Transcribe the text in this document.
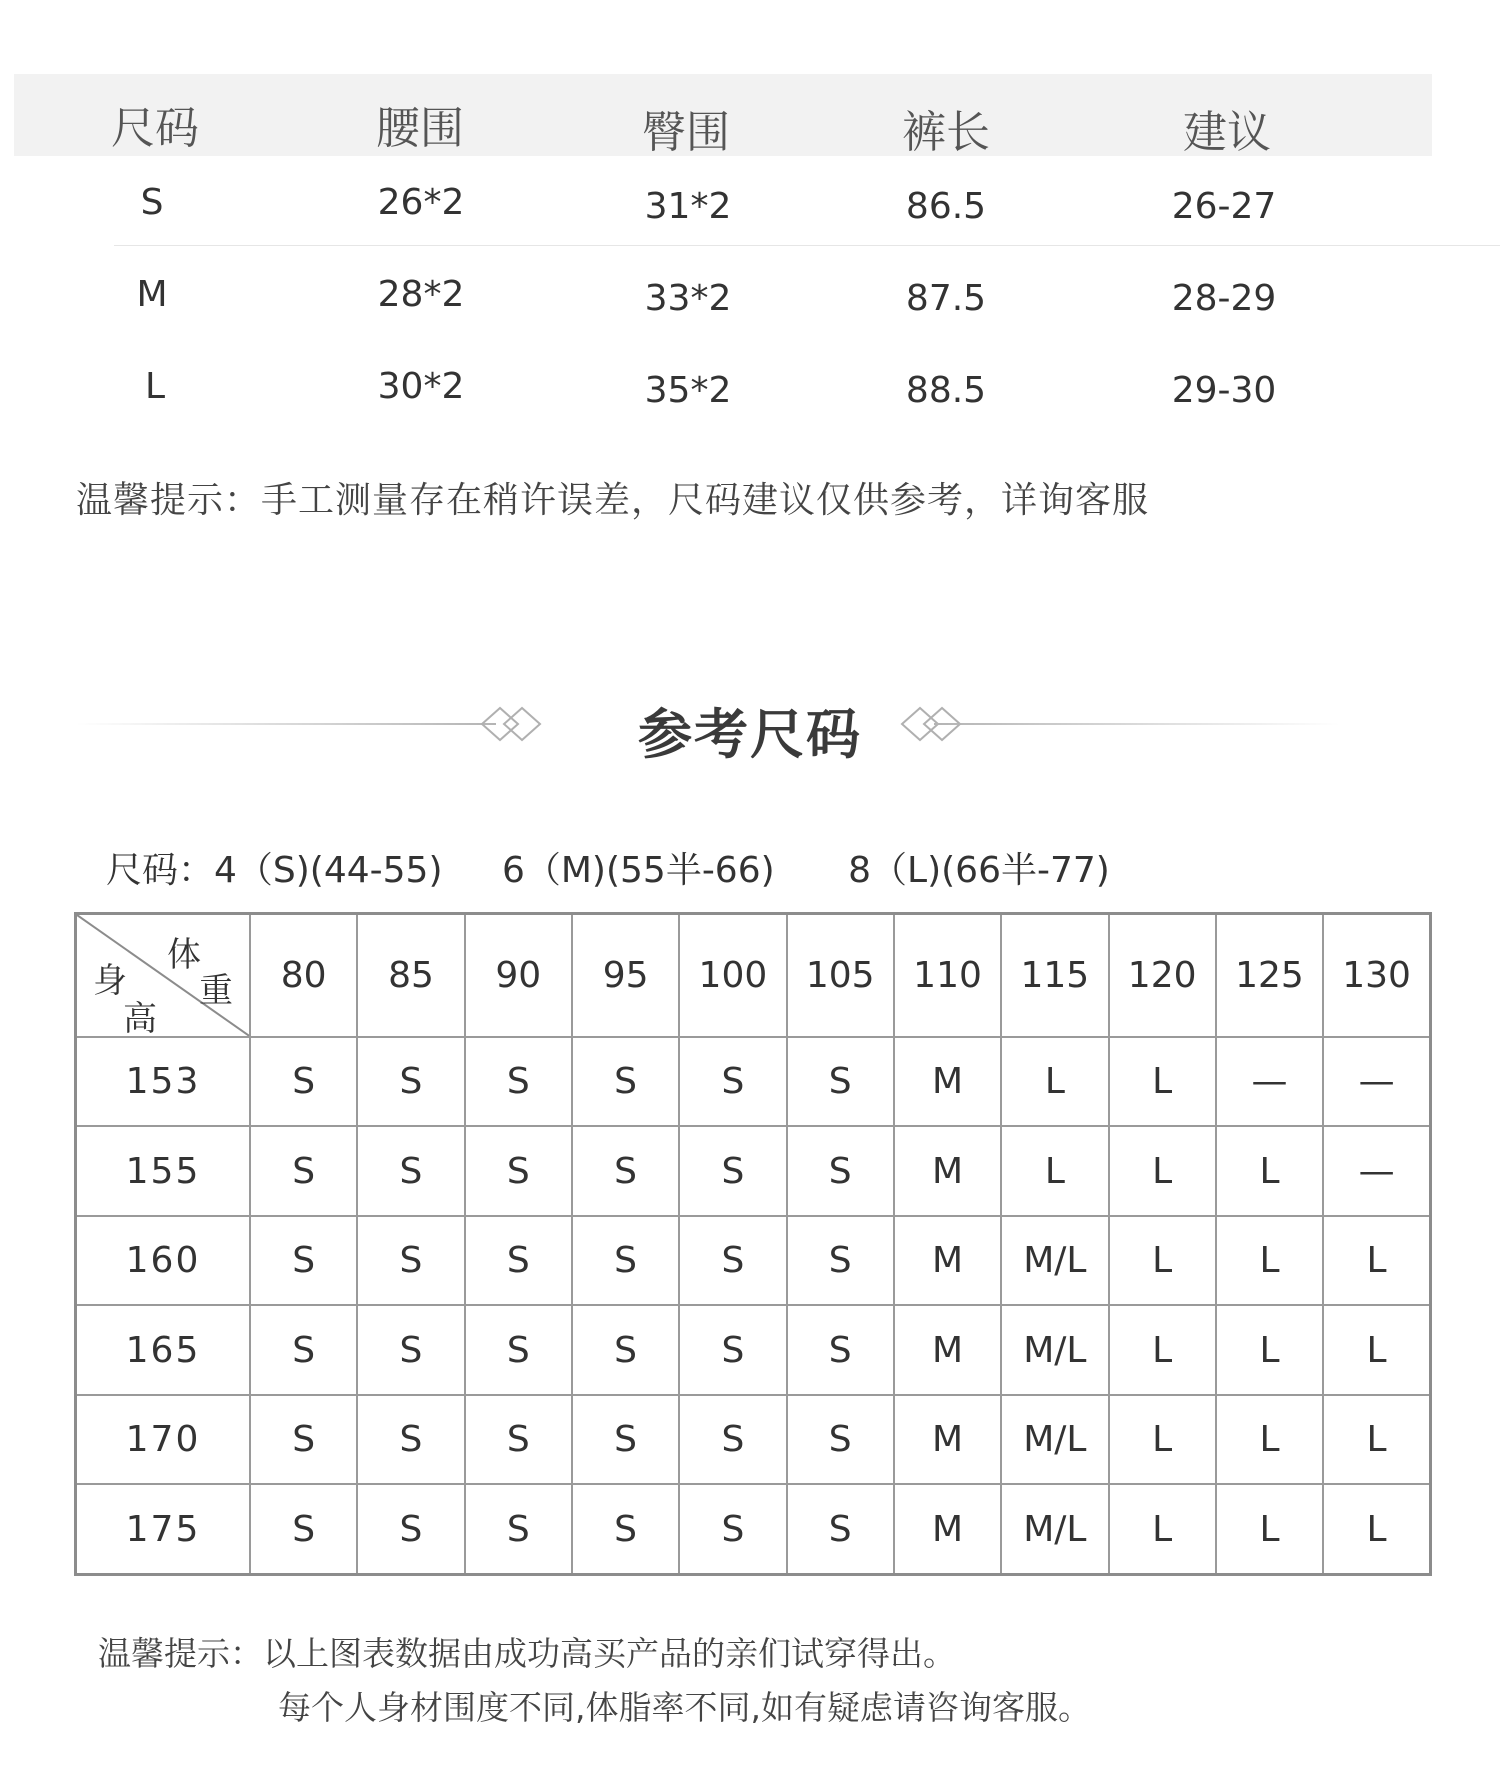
尺码	腰围	臀围	裤长	建议
S	26*2	31*2	86.5	26-27
M	28*2	33*2	87.5	28-29
L	30*2	35*2	88.5	29-30
温馨提示：手工测量存在稍许误差，尺码建议仅供参考，详询客服
参考尺码
尺码：4（S)(44-55) 6（M)(55半-66) 8（L)(66半-77)
体
重
身
高	80	85	90	95	100	105	110	115	120	125	130
153	S	S	S	S	S	S	M	L	L	—	—
155	S	S	S	S	S	S	M	L	L	L	—
160	S	S	S	S	S	S	M	M/L	L	L	L
165	S	S	S	S	S	S	M	M/L	L	L	L
170	S	S	S	S	S	S	M	M/L	L	L	L
175	S	S	S	S	S	S	M	M/L	L	L	L
温馨提示：以上图表数据由成功高买产品的亲们试穿得出。
每个人身材围度不同,体脂率不同,如有疑虑请咨询客服。
